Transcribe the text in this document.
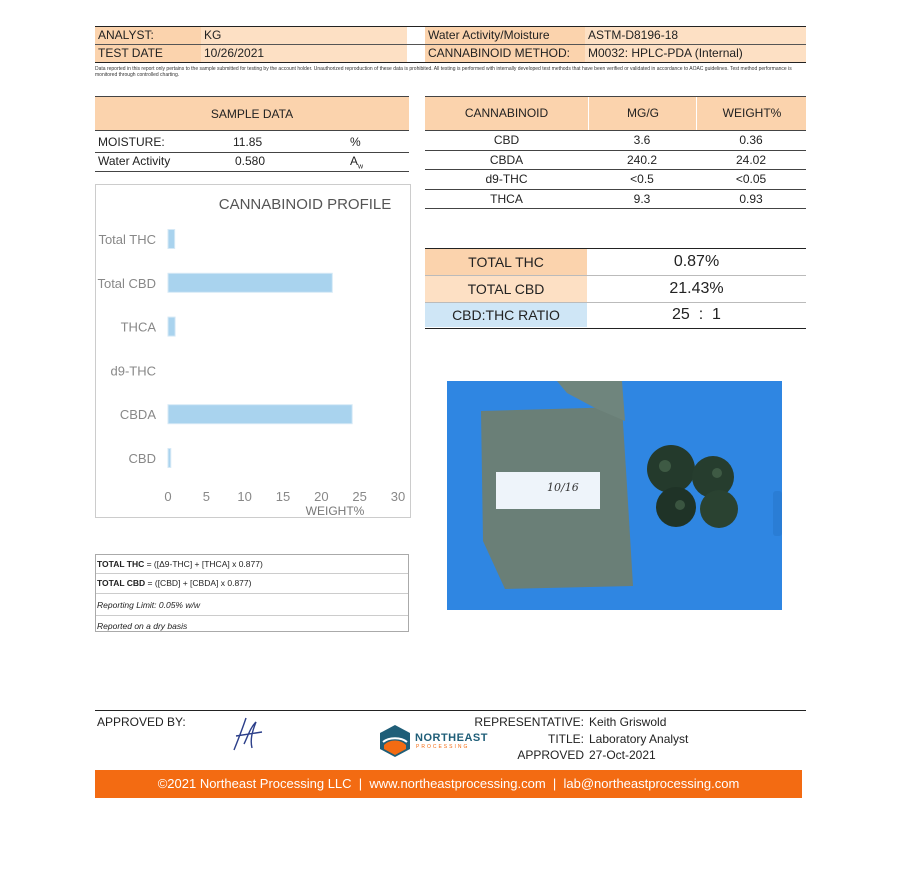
ANALYST:	KG	Water Activity/Moisture	ASTM-D8196-18
TEST DATE	10/26/2021	CANNABINOID METHOD:	M0032: HPLC-PDA (Internal)
Data reported in this report only pertains to the sample submitted for testing by the account holder. Unauthorized reproduction of these data is prohibited. All testing is performed with internally developed test methods that have been verified or validated in accordance to AOAC guidelines. Test method performance is monitored through controlled charting.
SAMPLE DATA
MOISTURE:	11.85	%
Water Activity	0.580	$A_w$
CANNABINOID	MG/G	WEIGHT%
CBD	3.6	0.36
CBDA	240.2	24.02
d9-THC	<0.5	<0.05
THCA	9.3	0.93
TOTAL THC	0.87%
TOTAL CBD	21.43%
CBD:THC RATIO	25  :  1
CANNABINOID PROFILE
WEIGHT%
Total THC
Total CBD
THCA
d9-THC
CBDA
CBD
0 5 10 15 20 25 30
TOTAL THC = ([Δ9-THC] + [THCA] x 0.877)
TOTAL CBD = ([CBD] + [CBDA] x 0.877)
Reporting Limit: 0.05% w/w
Reported on a dry basis
10/16
APPROVED BY:
NORTHEAST
PROCESSING
REPRESENTATIVE: Keith Griswold
TITLE: Laboratory Analyst
APPROVED 27-Oct-2021
©2021 Northeast Processing LLC  |  www.northeastprocessing.com  |  lab@northeastprocessing.com
